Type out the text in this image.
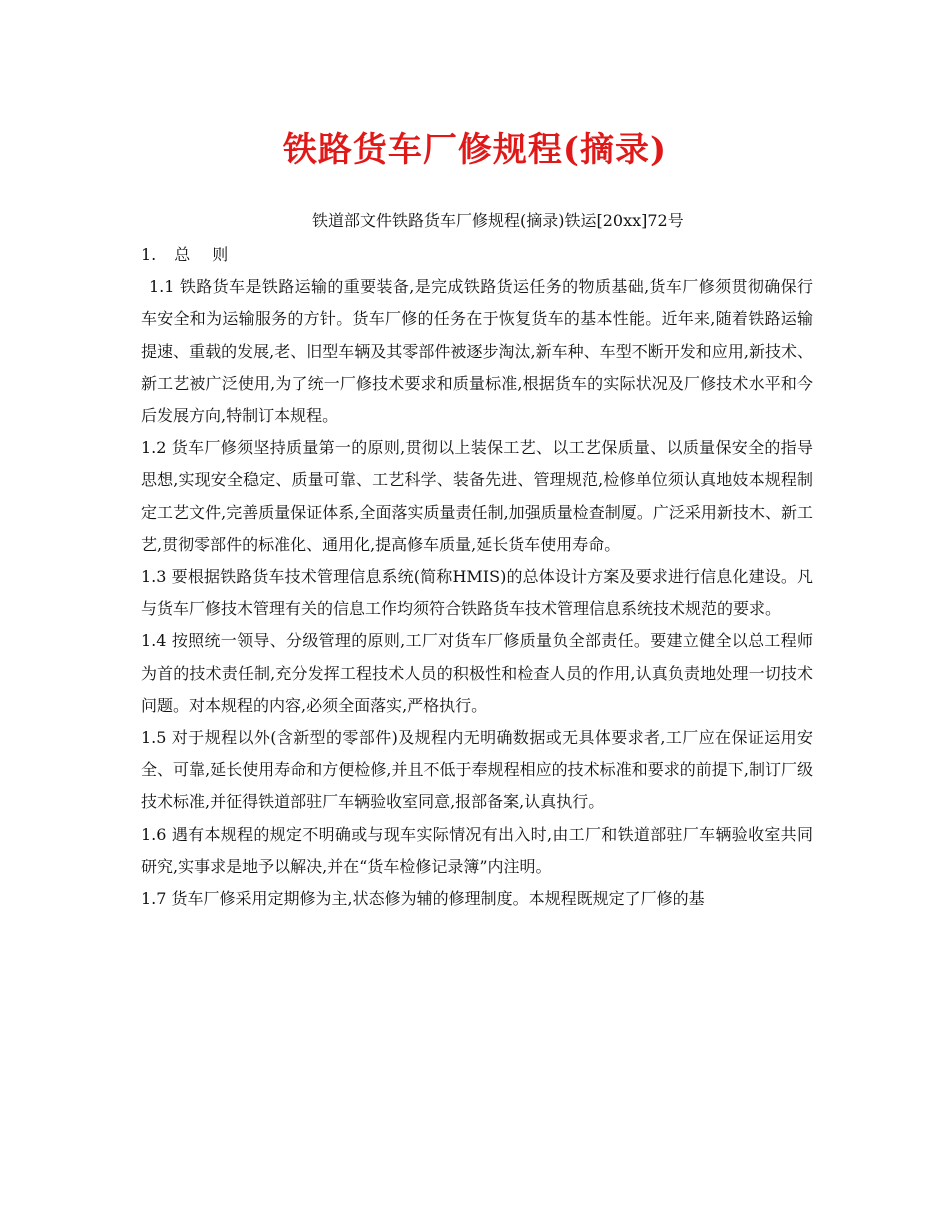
铁路货车厂修规程(摘录)
铁道部文件铁路货车厂修规程(摘录)铁运[20xx]72号

1. 总 则

1.1 铁路货车是铁路运输的重要装备,是完成铁路货运任务的物质基础,货车厂修须贯彻确保行车安全和为运输服务的方针。货车厂修的任务在于恢复货车的基本性能。近年来,随着铁路运输提速、重载的发展,老、旧型车辆及其零部件被逐步淘汰,新车种、车型不断开发和应用,新技术、新工艺被广泛使用,为了统一厂修技术要求和质量标准,根据货车的实际状况及厂修技术水平和今后发展方向,特制订本规程。

1.2 货车厂修须坚持质量第一的原则,贯彻以上装保工艺、以工艺保质量、以质量保安全的指导思想,实现安全稳定、质量可靠、工艺科学、装备先进、管理规范,检修单位须认真地妓本规程制定工艺文件,完善质量保证体系,全面落实质量责任制,加强质量检查制厦。广泛采用新技木、新工艺,贯彻零部件的标准化、通用化,提高修车质量,延长货车使用寿命。

1.3 要根据铁路货车技术管理信息系统(简称HMIS)的总体设计方案及要求进行信息化建设。凡与货车厂修技木管理有关的信息工作均须符合铁路货车技术管理信息系统技术规范的要求。

1.4 按照统一领导、分级管理的原则,工厂对货车厂修质量负全部责任。要建立健全以总工程师为首的技术责任制,充分发挥工程技术人员的积极性和检查人员的作用,认真负责地处理一切技术问题。对本规程的内容,必须全面落实,严格执行。

1.5 对于规程以外(含新型的零部件)及规程内无明确数据或无具体要求者,工厂应在保证运用安全、可靠,延长使用寿命和方便检修,并且不低于奉规程相应的技术标准和要求的前提下,制订厂级技术标准,并征得铁道部驻厂车辆验收室同意,报部备案,认真执行。

1.6 遇有本规程的规定不明确或与现车实际情况有出入时,由工厂和铁道部驻厂车辆验收室共同研究,实事求是地予以解决,并在“货车检修记录簿”内注明。

1.7 货车厂修采用定期修为主,状态修为辅的修理制度。本规程既规定了厂修的基
